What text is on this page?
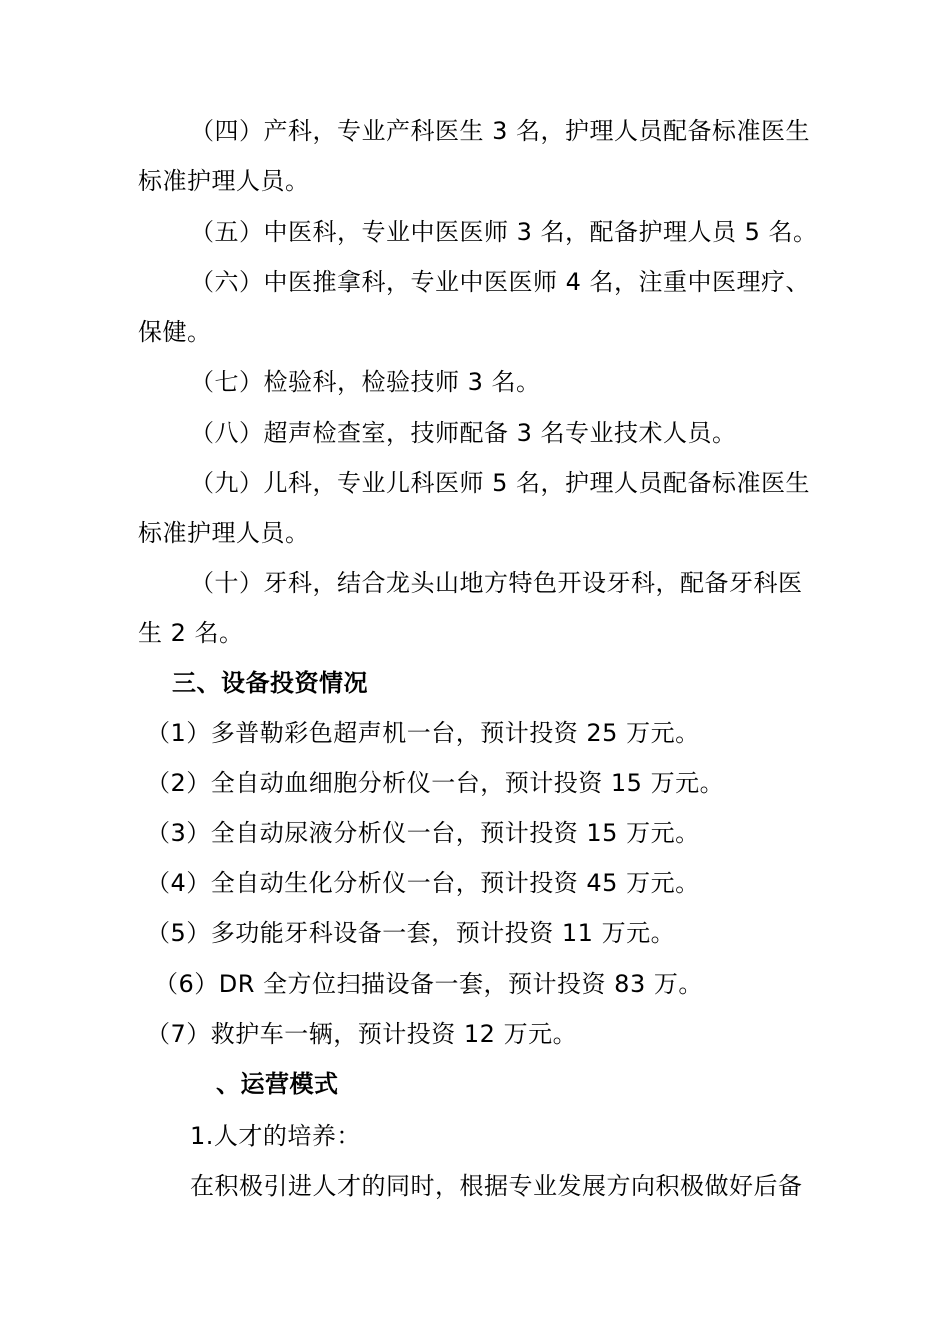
（四）产科，专业产科医生 3 名，护理人员配备标准医生
标准护理人员。
（五）中医科，专业中医医师 3 名，配备护理人员 5 名。
（六）中医推拿科，专业中医医师 4 名，注重中医理疗、
保健。
（七）检验科，检验技师 3 名。
（八）超声检查室，技师配备 3 名专业技术人员。
（九）儿科，专业儿科医师 5 名，护理人员配备标准医生
标准护理人员。
（十）牙科，结合龙头山地方特色开设牙科，配备牙科医
生 2 名。
三、设备投资情况
（1）多普勒彩色超声机一台，预计投资 25 万元。
（2）全自动血细胞分析仪一台，预计投资 15 万元。
（3）全自动尿液分析仪一台，预计投资 15 万元。
（4）全自动生化分析仪一台，预计投资 45 万元。
（5）多功能牙科设备一套，预计投资 11 万元。
（6）DR 全方位扫描设备一套，预计投资 83 万。
（7）救护车一辆，预计投资 12 万元。
、运营模式
1.人才的培养：
在积极引进人才的同时，根据专业发展方向积极做好后备
